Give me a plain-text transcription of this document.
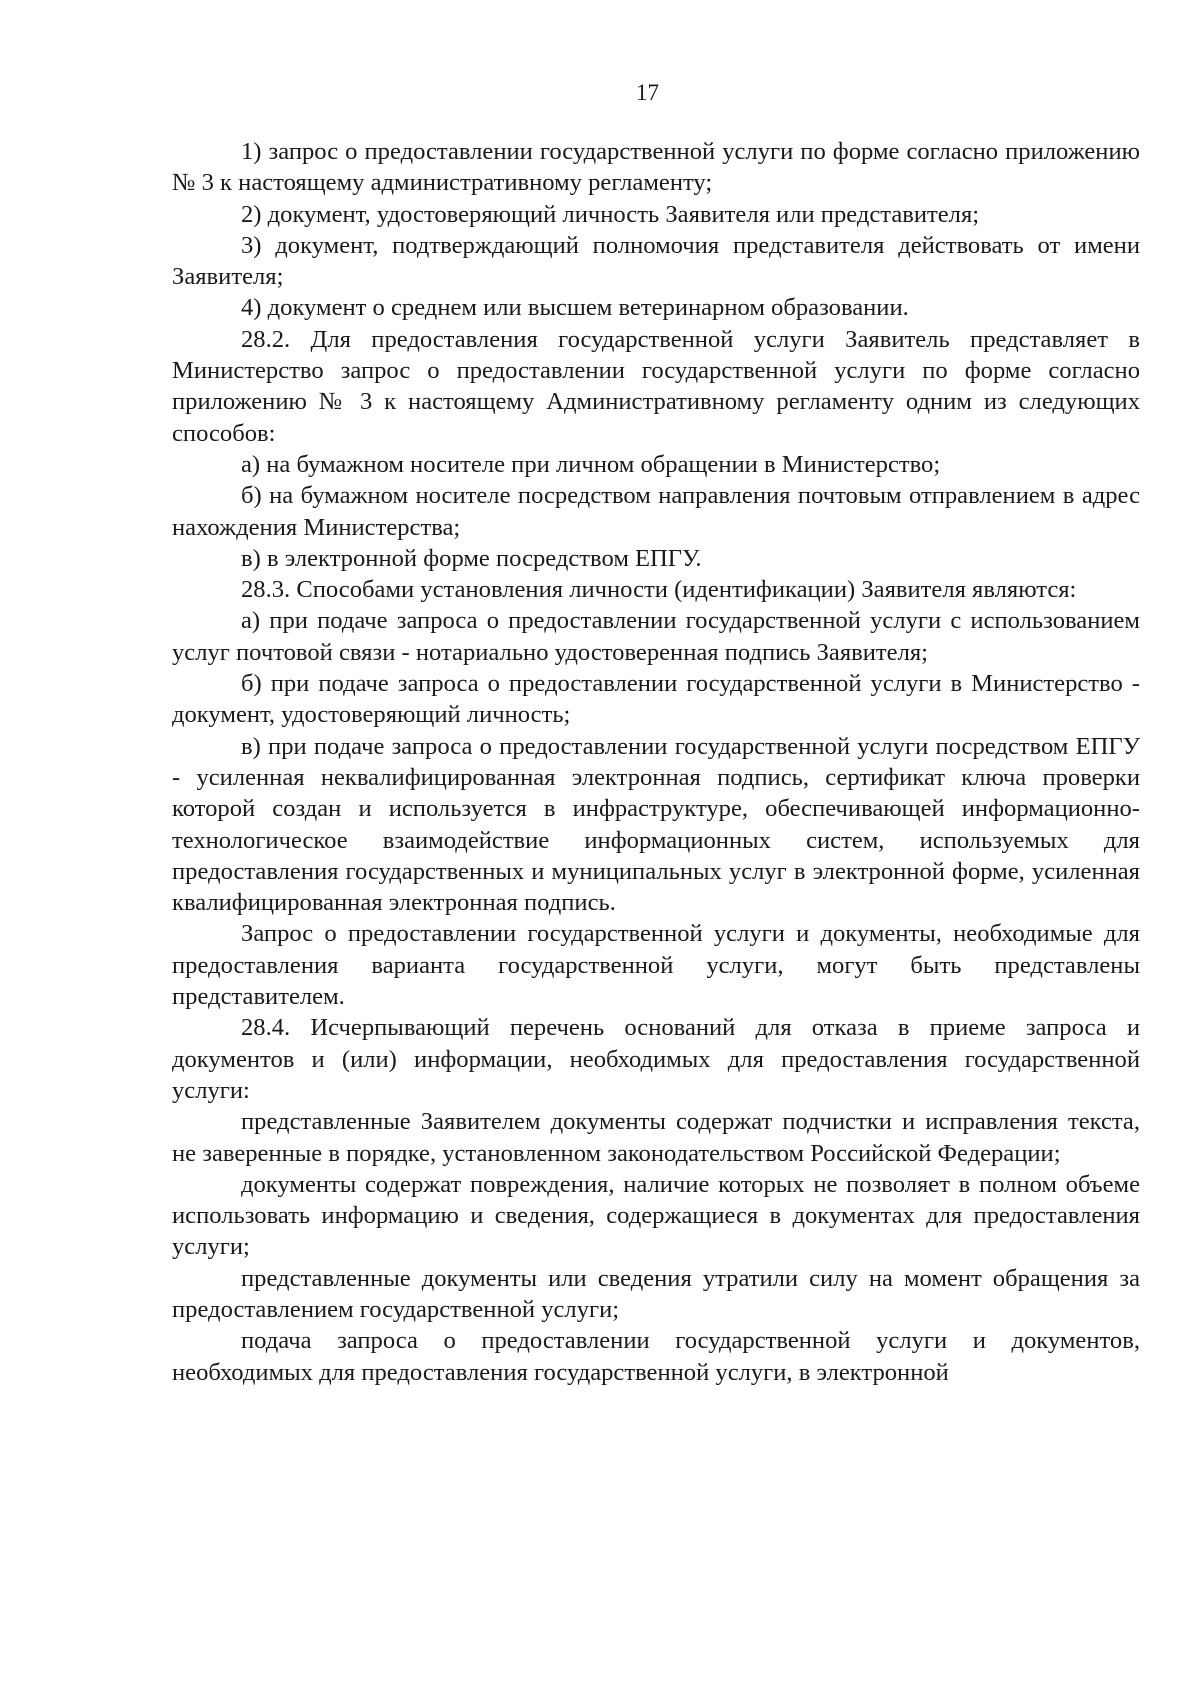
17

1) запрос о предоставлении государственной услуги по форме согласно приложению № 3 к настоящему административному регламенту;

2) документ, удостоверяющий личность Заявителя или представителя;

3) документ, подтверждающий полномочия представителя действовать от имени Заявителя;

4) документ о среднем или высшем ветеринарном образовании.

28.2. Для предоставления государственной услуги Заявитель представляет в Министерство запрос о предоставлении государственной услуги по форме согласно приложению № 3 к настоящему Административному регламенту одним из следующих способов:

а) на бумажном носителе при личном обращении в Министерство;

б) на бумажном носителе посредством направления почтовым отправлением в адрес нахождения Министерства;

в) в электронной форме посредством ЕПГУ.

28.3. Способами установления личности (идентификации) Заявителя являются:

а) при подаче запроса о предоставлении государственной услуги с использованием услуг почтовой связи - нотариально удостоверенная подпись Заявителя;

б) при подаче запроса о предоставлении государственной услуги в Министерство - документ, удостоверяющий личность;

в) при подаче запроса о предоставлении государственной услуги посредством ЕПГУ - усиленная неквалифицированная электронная подпись, сертификат ключа проверки которой создан и используется в инфраструктуре, обеспечивающей информационно-технологическое взаимодействие информационных систем, используемых для предоставления государственных и муниципальных услуг в электронной форме, усиленная квалифицированная электронная подпись.

Запрос о предоставлении государственной услуги и документы, необходимые для предоставления варианта государственной услуги, могут быть представлены представителем.

28.4. Исчерпывающий перечень оснований для отказа в приеме запроса и документов и (или) информации, необходимых для предоставления государственной услуги:

представленные Заявителем документы содержат подчистки и исправления текста, не заверенные в порядке, установленном законодательством Российской Федерации;

документы содержат повреждения, наличие которых не позволяет в полном объеме использовать информацию и сведения, содержащиеся в документах для предоставления услуги;

представленные документы или сведения утратили силу на момент обращения за предоставлением государственной услуги;

подача запроса о предоставлении государственной услуги и документов, необходимых для предоставления государственной услуги, в электронной
